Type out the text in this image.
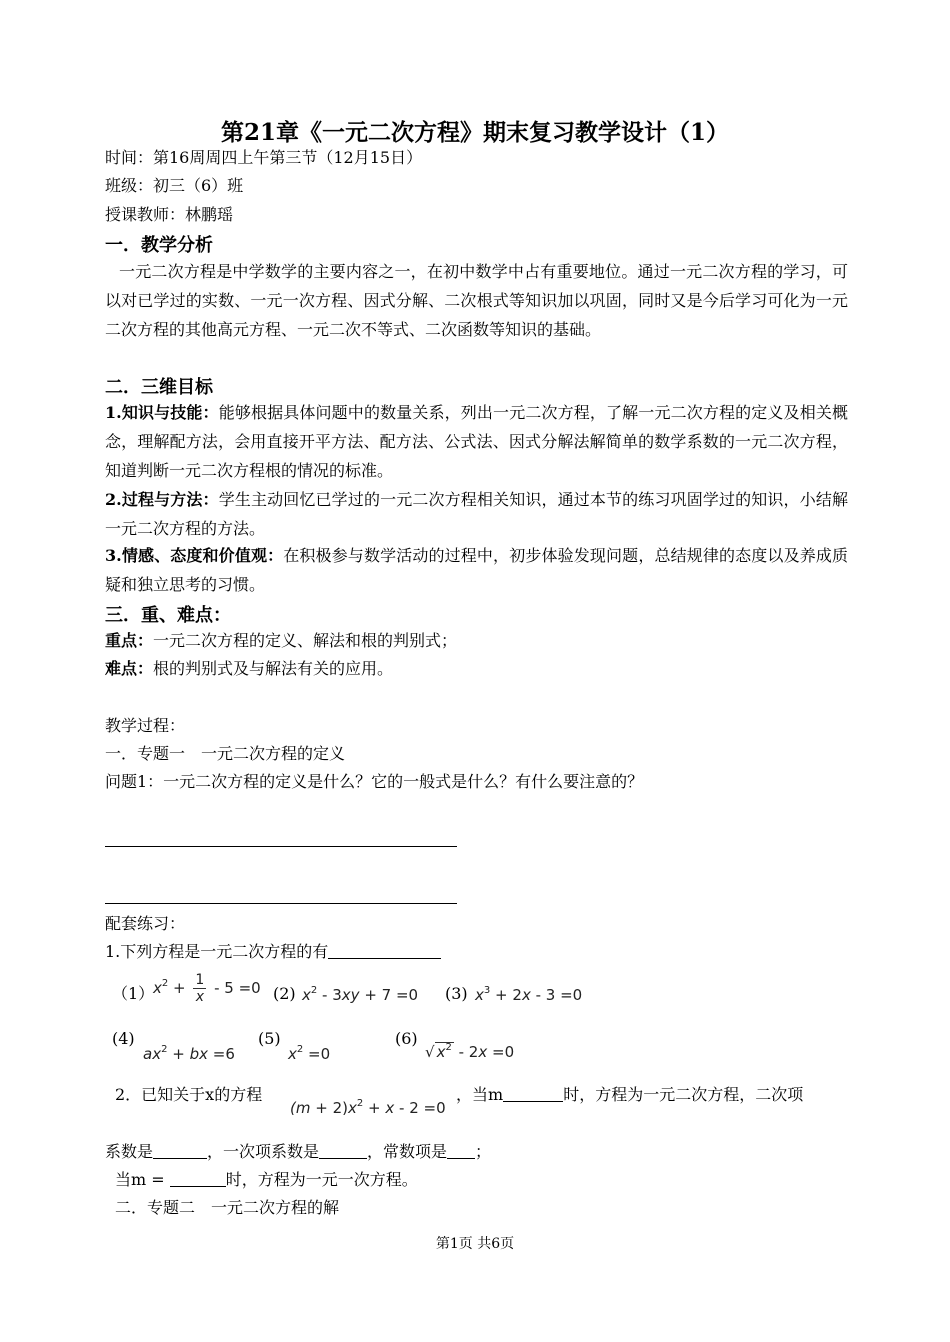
第21章《一元二次方程》期末复习教学设计（1）
时间：第16周周四上午第三节（12月15日）
班级：初三（6）班
授课教师：林鹏瑶
一．教学分析
一元二次方程是中学数学的主要内容之一，在初中数学中占有重要地位。通过一元二次方程的学习，可以对已学过的实数、一元一次方程、因式分解、二次根式等知识加以巩固，同时又是今后学习可化为一元二次方程的其他高元方程、一元二次不等式、二次函数等知识的基础。
二．三维目标
1.知识与技能：能够根据具体问题中的数量关系，列出一元二次方程，了解一元二次方程的定义及相关概念，理解配方法，会用直接开平方法、配方法、公式法、因式分解法解简单的数学系数的一元二次方程，知道判断一元二次方程根的情况的标准。
2.过程与方法：学生主动回忆已学过的一元二次方程相关知识，通过本节的练习巩固学过的知识，小结解一元二次方程的方法。
3.情感、态度和价值观：在积极参与数学活动的过程中，初步体验发现问题，总结规律的态度以及养成质疑和独立思考的习惯。
三．重、难点：
重点：一元二次方程的定义、解法和根的判别式；
难点：根的判别式及与解法有关的应用。
教学过程：
一．专题一　一元二次方程的定义
问题1：一元二次方程的定义是什么？它的一般式是什么？有什么要注意的？
配套练习：
1.下列方程是一元二次方程的有
（1）
$x^2 + \frac{1}{x} - 5 =0$ (2) $x^2 - 3xy + 7 =0$ (3) $x^3 + 2x - 3 =0$
(4)
$ax^2$ + bx =6
(5)
$x^2 =0$
(6)
√ $x^2 - 2x =0$
2．已知关于x的方程
$(m + 2)x^2 + x - 2 =0$
，当m	时，方程为一元二次方程，二次项
系数是	，一次项系数是	，常数项是 ；
当m =	时，方程为一元一次方程。
二．专题二　一元二次方程的解
第1页 共6页
